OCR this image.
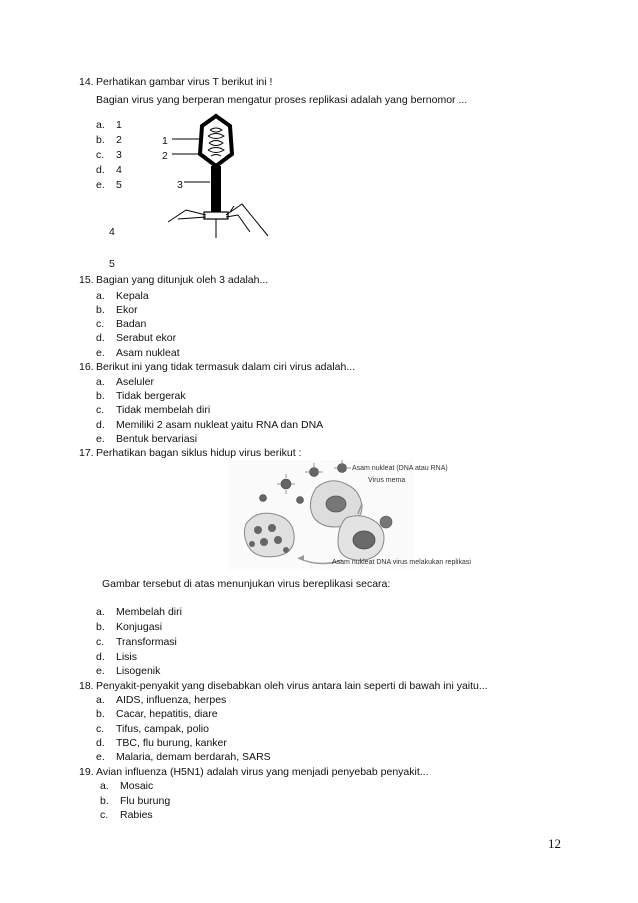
14. Perhatikan gambar virus T berikut ini !
Bagian virus yang berperan mengatur proses replikasi adalah yang bernomor ...
a. 1
b. 2
c. 3
d. 4
e. 5
1
2
3
4
5
15. Bagian yang ditunjuk oleh 3 adalah...
a. Kepala
b. Ekor
c. Badan
d. Serabut ekor
e. Asam nukleat
16. Berikut ini yang tidak termasuk dalam ciri virus adalah...
a. Aseluler
b. Tidak bergerak
c. Tidak membelah diri
d. Memiliki 2 asam nukleat yaitu RNA dan DNA
e. Bentuk bervariasi
17. Perhatikan bagan siklus hidup virus berikut :
Asam nukleat (DNA atau RNA)
Virus mema
Asam nukleat DNA virus melakukan replikasi
Gambar tersebut di atas menunjukan virus bereplikasi secara:
a. Membelah diri
b. Konjugasi
c. Transformasi
d. Lisis
e. Lisogenik
18. Penyakit-penyakit yang disebabkan oleh virus antara lain seperti di bawah ini yaitu...
a. AIDS, influenza, herpes
b. Cacar, hepatitis, diare
c. Tifus, campak, polio
d. TBC, flu burung, kanker
e. Malaria, demam berdarah, SARS
19. Avian influenza (H5N1) adalah virus yang menjadi penyebab penyakit...
a. Mosaic
b. Flu burung
c. Rabies
12
